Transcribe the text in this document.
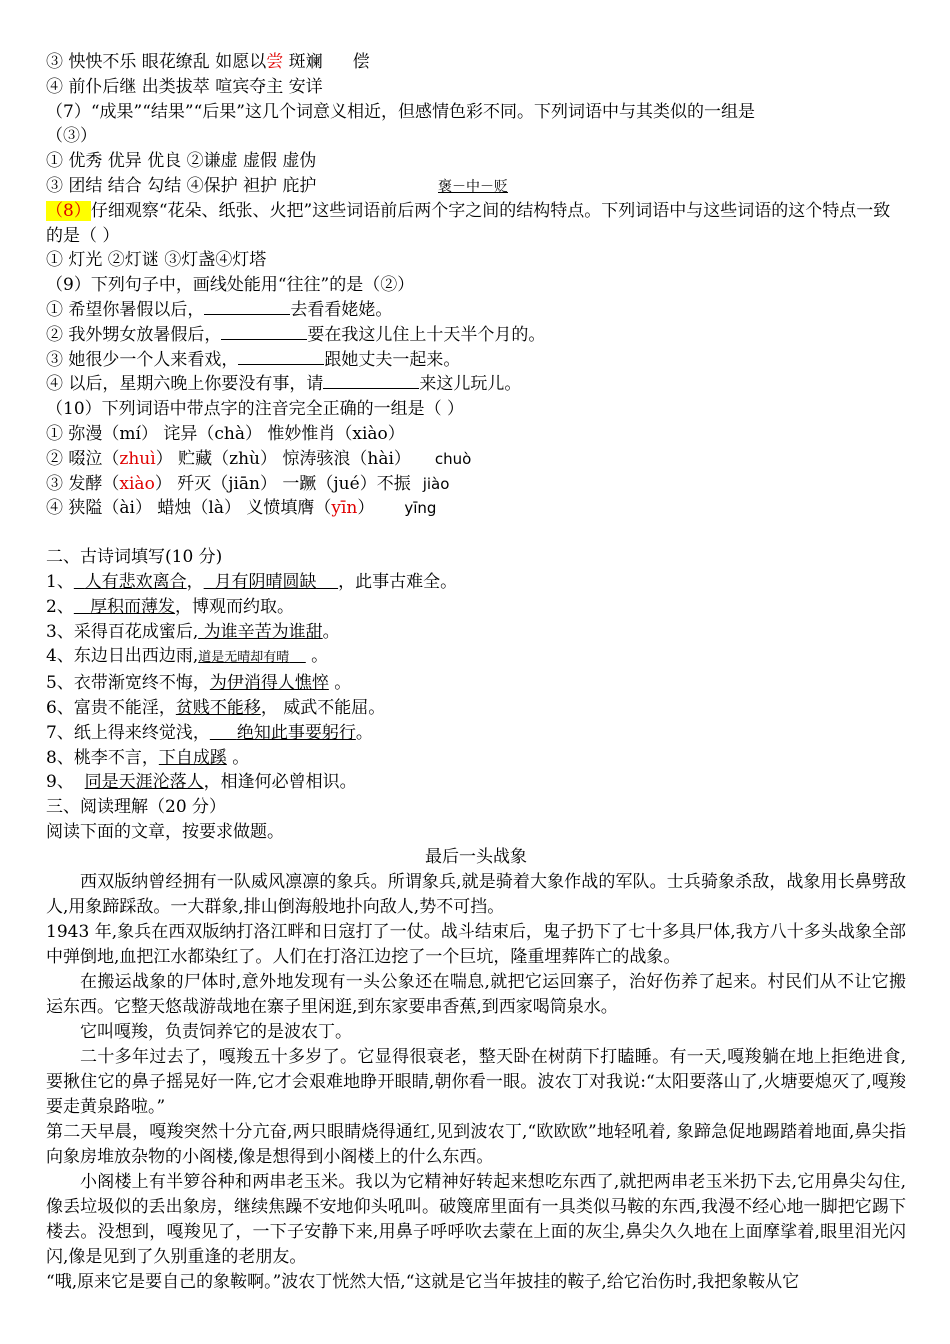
③ 怏怏不乐 眼花缭乱 如愿以尝 斑斓 偿
④ 前仆后继 出类拔萃 喧宾夺主 安详
（7）“成果”“结果”“后果”这几个词意义相近，但感情色彩不同。下列词语中与其类似的一组是
（③）
① 优秀 优异 优良 ②谦虚 虚假 虚伪
③ 团结 结合 勾结 ④保护 袒护 庇护	褒－中－贬
（8）仔细观察“花朵、纸张、火把”这些词语前后两个字之间的结构特点。下列词语中与这些词语的这个特点一致的是（ ）
① 灯光 ②灯谜 ③灯盏④灯塔
（9）下列句子中，画线处能用“往往”的是（②）
① 希望你暑假以后，	去看看姥姥。
② 我外甥女放暑假后，	要在我这儿住上十天半个月的。
③ 她很少一个人来看戏，	跟她丈夫一起来。
④ 以后，星期六晚上你要没有事，请	来这儿玩儿。
（10）下列词语中带点字的注音完全正确的一组是（ ）
① 弥漫（mí） 诧异（chà） 惟妙惟肖（xiào）
② 啜泣（zhuì） 贮藏（zhù） 惊涛骇浪（hài） chuò
③ 发酵（xiào） 歼灭（jiān） 一蹶（jué）不振 jiào
④ 狭隘（ài） 蜡烛（là） 义愤填膺（yīn） yīng
二、古诗词填写(10 分)
1、 人有悲欢离合， 月有阴晴圆缺 ，此事古难全。
2、 厚积而薄发，博观而约取。
3、采得百花成蜜后, 为谁辛苦为谁甜。
4、东边日出西边雨,道是无晴却有晴     。
5、衣带渐宽终不悔，为伊消得人憔悴 。
6、富贵不能淫，贫贱不能移， 威武不能屈。
7、纸上得来终觉浅， 绝知此事要躬行。
8、桃李不言，下自成蹊 。
9、 同是天涯沦落人，相逢何必曾相识。
三、阅读理解（20 分）
阅读下面的文章，按要求做题。
最后一头战象
西双版纳曾经拥有一队威风凛凛的象兵。所谓象兵,就是骑着大象作战的军队。士兵骑象杀敌，战象用长鼻劈敌人,用象蹄踩敌。一大群象,排山倒海般地扑向敌人,势不可挡。
1943 年,象兵在西双版纳打洛江畔和日寇打了一仗。战斗结束后，鬼子扔下了七十多具尸体,我方八十多头战象全部中弹倒地,血把江水都染红了。人们在打洛江边挖了一个巨坑，隆重埋葬阵亡的战象。
在搬运战象的尸体时,意外地发现有一头公象还在喘息,就把它运回寨子，治好伤养了起来。村民们从不让它搬运东西。它整天悠哉游哉地在寨子里闲逛,到东家要串香蕉,到西家喝筒泉水。
它叫嘎羧，负责饲养它的是波农丁。
二十多年过去了，嘎羧五十多岁了。它显得很衰老，整天卧在树荫下打瞌睡。有一天,嘎羧躺在地上拒绝进食,要揪住它的鼻子摇晃好一阵,它才会艰难地睁开眼睛,朝你看一眼。波农丁对我说:“太阳要落山了,火塘要熄灭了,嘎羧要走黄泉路啦。”
第二天早晨，嘎羧突然十分亢奋,两只眼睛烧得通红,见到波农丁,“欧欧欧”地轻吼着, 象蹄急促地踢踏着地面,鼻尖指向象房堆放杂物的小阁楼,像是想得到小阁楼上的什么东西。
小阁楼上有半箩谷种和两串老玉米。我以为它精神好转起来想吃东西了,就把两串老玉米扔下去,它用鼻尖勾住,像丢垃圾似的丢出象房，继续焦躁不安地仰头吼叫。破篾席里面有一具类似马鞍的东西,我漫不经心地一脚把它踢下楼去。没想到，嘎羧见了，一下子安静下来,用鼻子呼呼吹去蒙在上面的灰尘,鼻尖久久地在上面摩挲着,眼里泪光闪闪,像是见到了久别重逢的老朋友。
“哦,原来它是要自己的象鞍啊。”波农丁恍然大悟,“这就是它当年披挂的鞍子,给它治伤时,我把象鞍从它
